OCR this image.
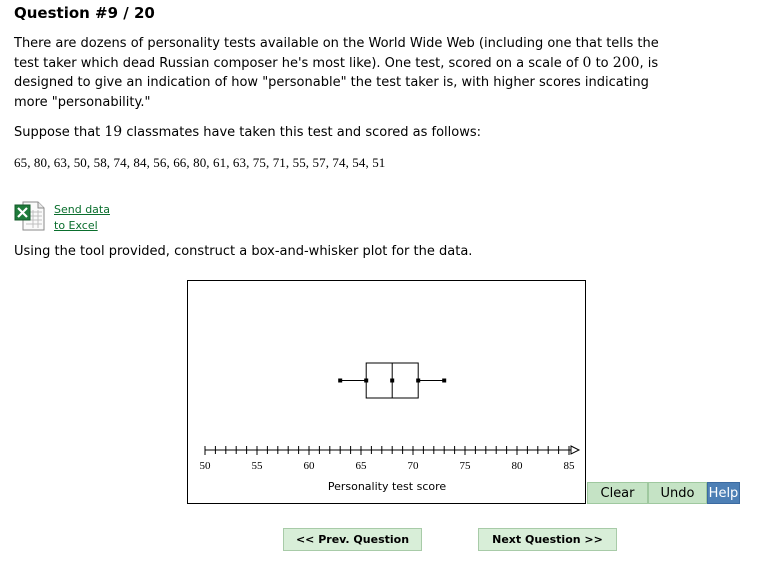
Question #9 / 20
There are dozens of personality tests available on the World Wide Web (including one that tells the test taker which dead Russian composer he's most like). One test, scored on a scale of 0 to 200, is designed to give an indication of how "personable" the test taker is, with higher scores indicating more "personability."
Suppose that 19 classmates have taken this test and scored as follows:
65, 80, 63, 50, 58, 74, 84, 56, 66, 80, 61, 63, 75, 71, 55, 57, 74, 54, 51
Send data
to Excel
Using the tool provided, construct a box-and-whisker plot for the data.
50	55	60	65	70	75	80	85
Personality test score	Clear	Undo	Help
<< Prev. Question	Next Question >>
